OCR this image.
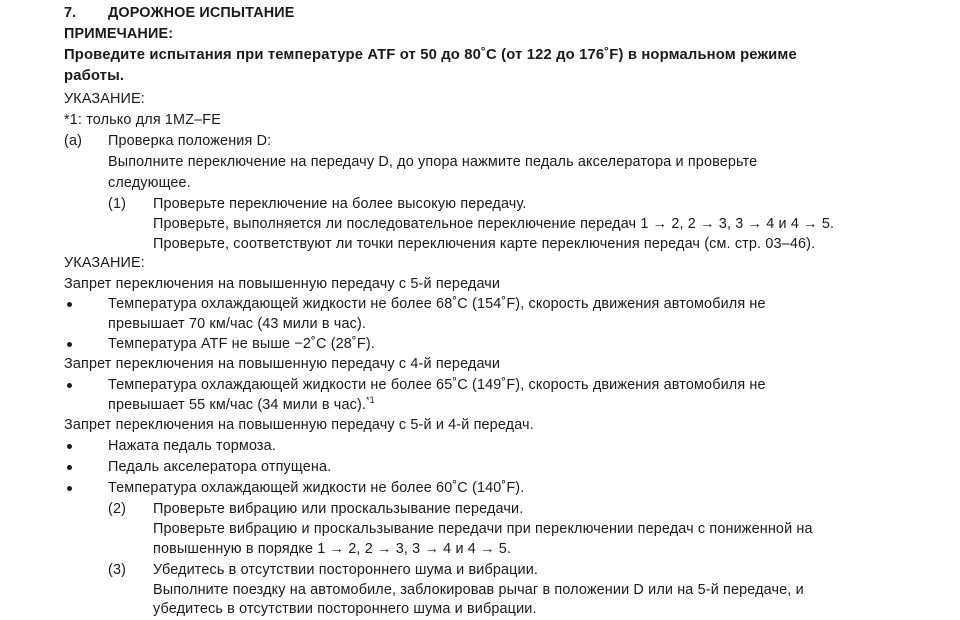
7. ДОРОЖНОЕ ИСПЫТАНИЕ
ПРИМЕЧАНИЕ:
Проведите испытания при температуре ATF от 50 до 80˚C (от 122 до 176˚F) в нормальном режиме
работы.
УКАЗАНИЕ:
*1: только для 1MZ–FE
(a) Проверка положения D:
Выполните переключение на передачу D, до упора нажмите педаль акселератора и проверьте
следующее.
(1) Проверьте переключение на более высокую передачу.
Проверьте, выполняется ли последовательное переключение передач 1 → 2, 2 → 3, 3 → 4 и 4 → 5.
Проверьте, соответствуют ли точки переключения карте переключения передач (см. стр. 03–46).
УКАЗАНИЕ:
Запрет переключения на повышенную передачу с 5-й передачи
Температура охлаждающей жидкости не более 68˚C (154˚F), скорость движения автомобиля не
превышает 70 км/час (43 мили в час).
Температура ATF не выше −2˚C (28˚F).
Запрет переключения на повышенную передачу с 4-й передачи
Температура охлаждающей жидкости не более 65˚C (149˚F), скорость движения автомобиля не
превышает 55 км/час (34 мили в час).$^{*1}$
Запрет переключения на повышенную передачу с 5-й и 4-й передач.
Нажата педаль тормоза.
Педаль акселератора отпущена.
Температура охлаждающей жидкости не более 60˚C (140˚F).
(2) Проверьте вибрацию или проскальзывание передачи.
Проверьте вибрацию и проскальзывание передачи при переключении передач с пониженной на
повышенную в порядке 1 → 2, 2 → 3, 3 → 4 и 4 → 5.
(3) Убедитесь в отсутствии постороннего шума и вибрации.
Выполните поездку на автомобиле, заблокировав рычаг в положении D или на 5-й передаче, и
убедитесь в отсутствии постороннего шума и вибрации.
